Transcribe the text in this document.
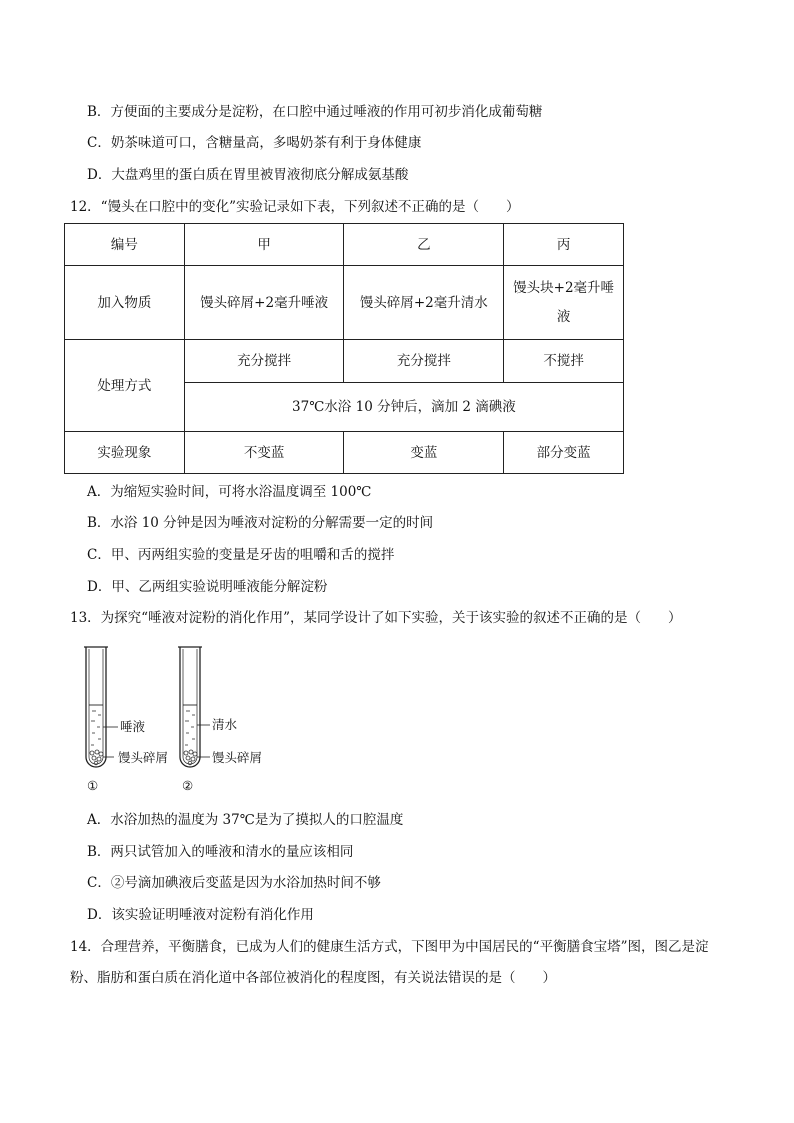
B．方便面的主要成分是淀粉，在口腔中通过唾液的作用可初步消化成葡萄糖
C．奶茶味道可口，含糖量高，多喝奶茶有利于身体健康
D．大盘鸡里的蛋白质在胃里被胃液彻底分解成氨基酸
12．“馒头在口腔中的变化”实验记录如下表，下列叙述不正确的是（　　）
编号	甲	乙	丙
加入物质	馒头碎屑+2毫升唾液	馒头碎屑+2毫升清水	馒头块+2毫升唾液
处理方式	充分搅拌	充分搅拌	不搅拌
	37℃水浴 10 分钟后，滴加 2 滴碘液		
实验现象	不变蓝	变蓝	部分变蓝
A．为缩短实验时间，可将水浴温度调至 100℃
B．水浴 10 分钟是因为唾液对淀粉的分解需要一定的时间
C．甲、丙两组实验的变量是牙齿的咀嚼和舌的搅拌
D．甲、乙两组实验说明唾液能分解淀粉
13．为探究“唾液对淀粉的消化作用”，某同学设计了如下实验，关于该实验的叙述不正确的是（　　）
唾液
馒头碎屑
①
清水
馒头碎屑
②
A．水浴加热的温度为 37℃是为了摸拟人的口腔温度
B．两只试管加入的唾液和清水的量应该相同
C．②号滴加碘液后变蓝是因为水浴加热时间不够
D．该实验证明唾液对淀粉有消化作用
14．合理营养，平衡膳食，已成为人们的健康生活方式，下图甲为中国居民的“平衡膳食宝塔”图，图乙是淀
粉、脂肪和蛋白质在消化道中各部位被消化的程度图，有关说法错误的是（　　）
